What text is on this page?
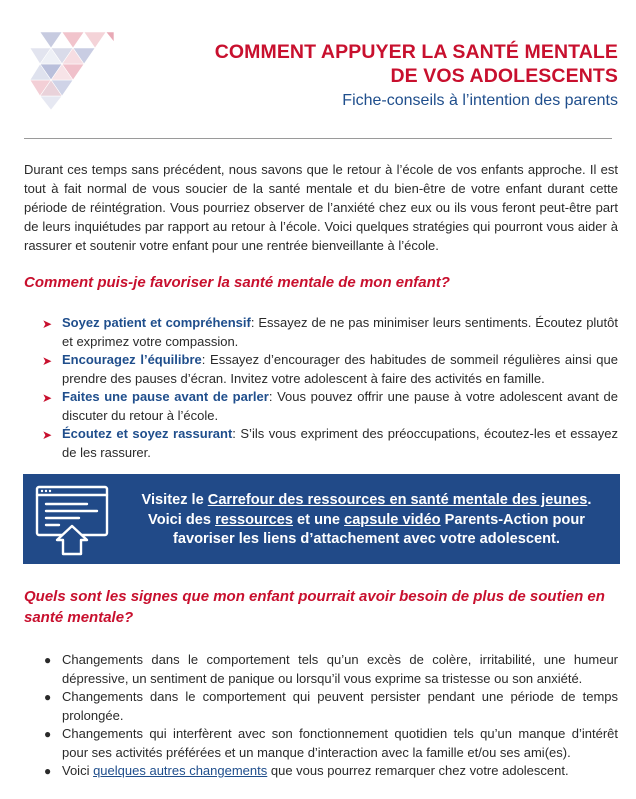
COMMENT APPUYER LA SANTÉ MENTALE
DE VOS ADOLESCENTS
Fiche-conseils à l’intention des parents

Durant ces temps sans précédent, nous savons que le retour à l’école de vos enfants approche. Il est tout à fait normal de vous soucier de la santé mentale et du bien-être de votre enfant durant cette période de réintégration. Vous pourriez observer de l’anxiété chez eux ou ils vous feront peut-être part de leurs inquiétudes par rapport au retour à l’école. Voici quelques stratégies qui pourront vous aider à rassurer et soutenir votre enfant pour une rentrée bienveillante à l’école.

Comment puis-je favoriser la santé mentale de mon enfant?
➤ Soyez patient et compréhensif: Essayez de ne pas minimiser leurs sentiments. Écoutez plutôt et exprimez votre compassion.
➤ Encouragez l’équilibre: Essayez d’encourager des habitudes de sommeil régulières ainsi que prendre des pauses d’écran. Invitez votre adolescent à faire des activités en famille.
➤ Faites une pause avant de parler: Vous pouvez offrir une pause à votre adolescent avant de discuter du retour à l’école.
➤ Écoutez et soyez rassurant: S’ils vous expriment des préoccupations, écoutez-les et essayez de les rassurer.
Visitez le Carrefour des ressources en santé mentale des jeunes. Voici des ressources et une capsule vidéo Parents-Action pour favoriser les liens d’attachement avec votre adolescent.
Quels sont les signes que mon enfant pourrait avoir besoin de plus de soutien en santé mentale?
● Changements dans le comportement tels qu’un excès de colère, irritabilité, une humeur dépressive, un sentiment de panique ou lorsqu’il vous exprime sa tristesse ou son anxiété.
● Changements dans le comportement qui peuvent persister pendant une période de temps prolongée.
● Changements qui interfèrent avec son fonctionnement quotidien tels qu’un manque d’intérêt pour ses activités préférées et un manque d’interaction avec la famille et/ou ses ami(es).
● Voici quelques autres changements que vous pourrez remarquer chez votre adolescent.
